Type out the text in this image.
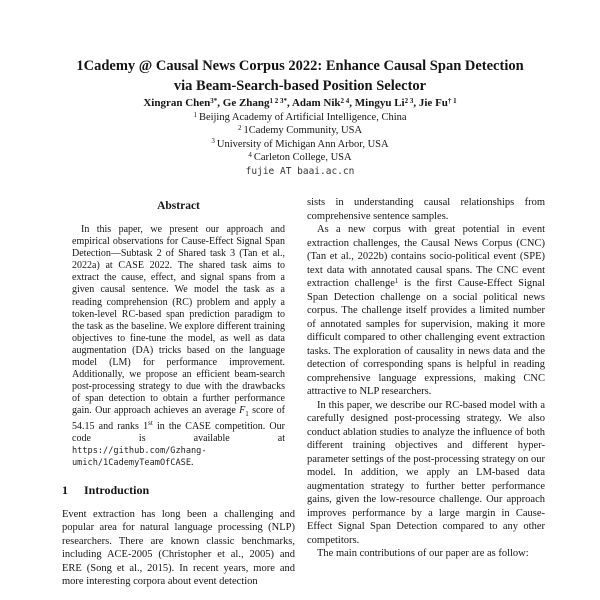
1Cademy @ Causal News Corpus 2022: Enhance Causal Span Detection
via Beam-Search-based Position Selector
Xingran Chen$^{3*}$, Ge Zhang$^{1 2 3*}$, Adam Nik$^{2 4}$, Mingyu $Li^{2 3}$, Jie Fu$^{\dagger 1}$
$^1$ Beijing Academy of Artificial Intelligence, China
$^2$ 1Cademy Community, USA
$^3$ University of Michigan Ann Arbor, USA
$^4$ Carleton College, USA
fujie AT baai.ac.cn
Abstract

In this paper, we present our approach and empirical observations for Cause-Effect Signal Span Detection—Subtask 2 of Shared task 3 (Tan et al., 2022a) at CASE 2022. The shared task aims to extract the cause, effect, and signal spans from a given causal sentence. We model the task as a reading comprehension (RC) problem and apply a token-level RC-based span prediction paradigm to the task as the baseline. We explore different training objectives to fine-tune the model, as well as data augmentation (DA) tricks based on the language model (LM) for performance improvement. Additionally, we propose an efficient beam-search post-processing strategy to due with the drawbacks of span detection to obtain a further performance gain. Our approach achieves an average $F_1$ score of 54.15 and ranks 1st in the CASE competition. Our code is available at https://github.com/Gzhang-umich/1CademyTeamOfCASE.

1 Introduction

Event extraction has long been a challenging and popular area for natural language processing (NLP) researchers. There are known classic benchmarks, including ACE-2005 (Christopher et al., 2005) and ERE (Song et al., 2015). In recent years, more and more interesting corpora about event detection

sists in understanding causal relationships from comprehensive sentence samples.

As a new corpus with great potential in event extraction challenges, the Causal News Corpus (CNC) (Tan et al., 2022b) contains socio-political event (SPE) text data with annotated causal spans. The CNC event extraction challenge$^1$ is the first Cause-Effect Signal Span Detection challenge on a social political news corpus. The challenge itself provides a limited number of annotated samples for supervision, making it more difficult compared to other challenging event extraction tasks. The exploration of causality in news data and the detection of corresponding spans is helpful in reading comprehensive language expressions, making CNC attractive to NLP researchers.

In this paper, we describe our RC-based model with a carefully designed post-processing strategy. We also conduct ablation studies to analyze the influence of both different training objectives and different hyper-parameter settings of the post-processing strategy on our model. In addition, we apply an LM-based data augmentation strategy to further better performance gains, given the low-resource challenge. Our approach improves performance by a large margin in Cause-Effect Signal Span Detection compared to any other competitors.

The main contributions of our paper are as follow:
